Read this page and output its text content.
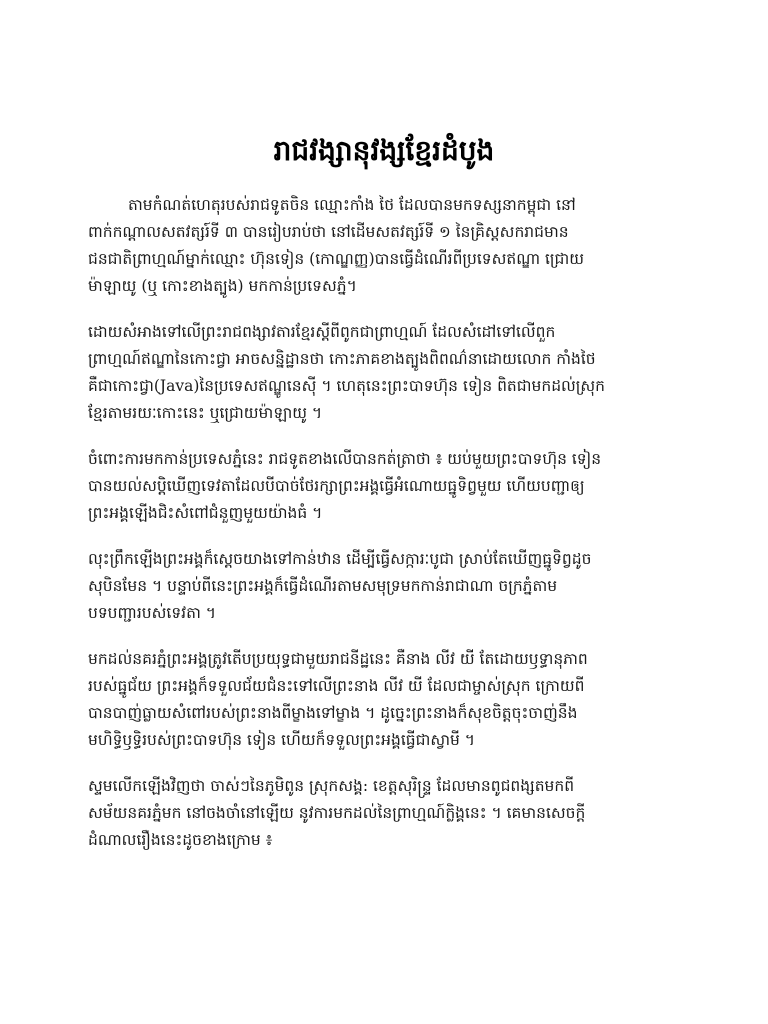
រាជវង្សានុវង្សខ្មែរដំបូង

តាមកំណត់ហេតុរបស់រាជទូតចិន ឈ្មោះកាំង ថៃ ដែលបានមកទស្សនាកម្ពុជា នៅ
ពាក់កណ្ដាលសតវត្សរ៍ទី ៣ បានរៀបរាប់ថា នៅដើមសតវត្សរ៍ទី ១ នៃគ្រិស្តសករាជមាន
ជនជាតិព្រាហ្មណ៍ម្នាក់ឈ្មោះ ហ៊ុនទៀន (កោណ្ឌញ្ញ)បានធ្វើដំណើរពីប្រទេសឥណ្ឌា ជ្រោយ
ម៉ាឡាយូ (ឬ កោះខាងត្បូង) មកកាន់ប្រទេសភ្នំ។

ដោយសំអាងទៅលើព្រះរាជពង្សាវតារខ្មែរស្តីពីពូកជាព្រាហ្មណ៍ ដែលសំដៅទៅលើពួក
ព្រាហ្មណ៍ឥណ្ឌានៃកោះជ្វា អាចសន្និដ្ឋានថា កោះភាគខាងត្បូងពិពណ៌នាដោយលោក កាំងថៃ
គឺជាកោះជ្វា(Java)នៃប្រទេសឥណ្ឌូនេស៊ី ។ ហេតុនេះព្រះបាទហ៊ុន ទៀន ពិតជាមកដល់ស្រុក
ខ្មែរតាមរយៈកោះនេះ ឬជ្រោយម៉ាឡាយូ ។

ចំពោះការមកកាន់ប្រទេសភ្នំនេះ រាជទូតខាងលើបានកត់ត្រាថា ៖ យប់មួយព្រះបាទហ៊ុន ទៀន
បានយល់សប្តិឃើញទេវតាដែលបីបាច់ថែរក្សាព្រះអង្គធ្វើអំណោយធ្នូទិព្វមួយ ហើយបញ្ជាឲ្យ
ព្រះអង្គឡើងជិះសំពៅជំនួញមួយយ៉ាងធំ ។

លុះព្រឹកឡើងព្រះអង្គក៏ស្តេចយាងទៅកាន់ឋាន ដើម្បីធ្វើសក្ការៈបូជា ស្រាប់តែឃើញធ្នូទិព្វដូច
សុបិនមែន ។ បន្ទាប់ពីនេះព្រះអង្គក៏ធ្វើដំណើរតាមសមុទ្រមកកាន់រាជាណា ចក្រភ្នំតាម
បទបញ្ជារបស់ទេវតា ។

មកដល់នគរភ្នំព្រះអង្គត្រូវតើបប្រយុទ្ធជាមួយរាជនីដ្ឋនេះ គឺនាង លីវ យី តែដោយឫទ្ធានុភាព
របស់ធ្នូជ័យ ព្រះអង្គក៏ទទួលជ័យជំនះទៅលើព្រះនាង លីវ យី ដែលជាម្ចាស់ស្រុក ក្រោយពី
បានបាញ់ធ្លាយសំពៅរបស់ព្រះនាងពីម្ខាងទៅម្ខាង ។ ដូច្នេះព្រះនាងក៏សុខចិត្តចុះចាញ់នឹង
មហិទ្ធិឫទ្ធិរបស់ព្រះបាទហ៊ុន ទៀន ហើយក៏ទទួលព្រះអង្គធ្វើជាស្វាមី ។

ស្ទមលើកឡើងវិញថា ចាស់ៗនៃភូមិពូន ស្រុកសង្គ: ខេត្តសុរិន្ទ្រ ដែលមានពូជពង្សតមកពី
សម័យនគរភ្នំមក នៅចងចាំនៅឡើយ នូវការមកដល់នៃព្រាហ្មណ៍ក្លិង្គនេះ ។ គេមានសេចក្តី
ដំណាលរឿងនេះដូចខាងក្រោម ៖
